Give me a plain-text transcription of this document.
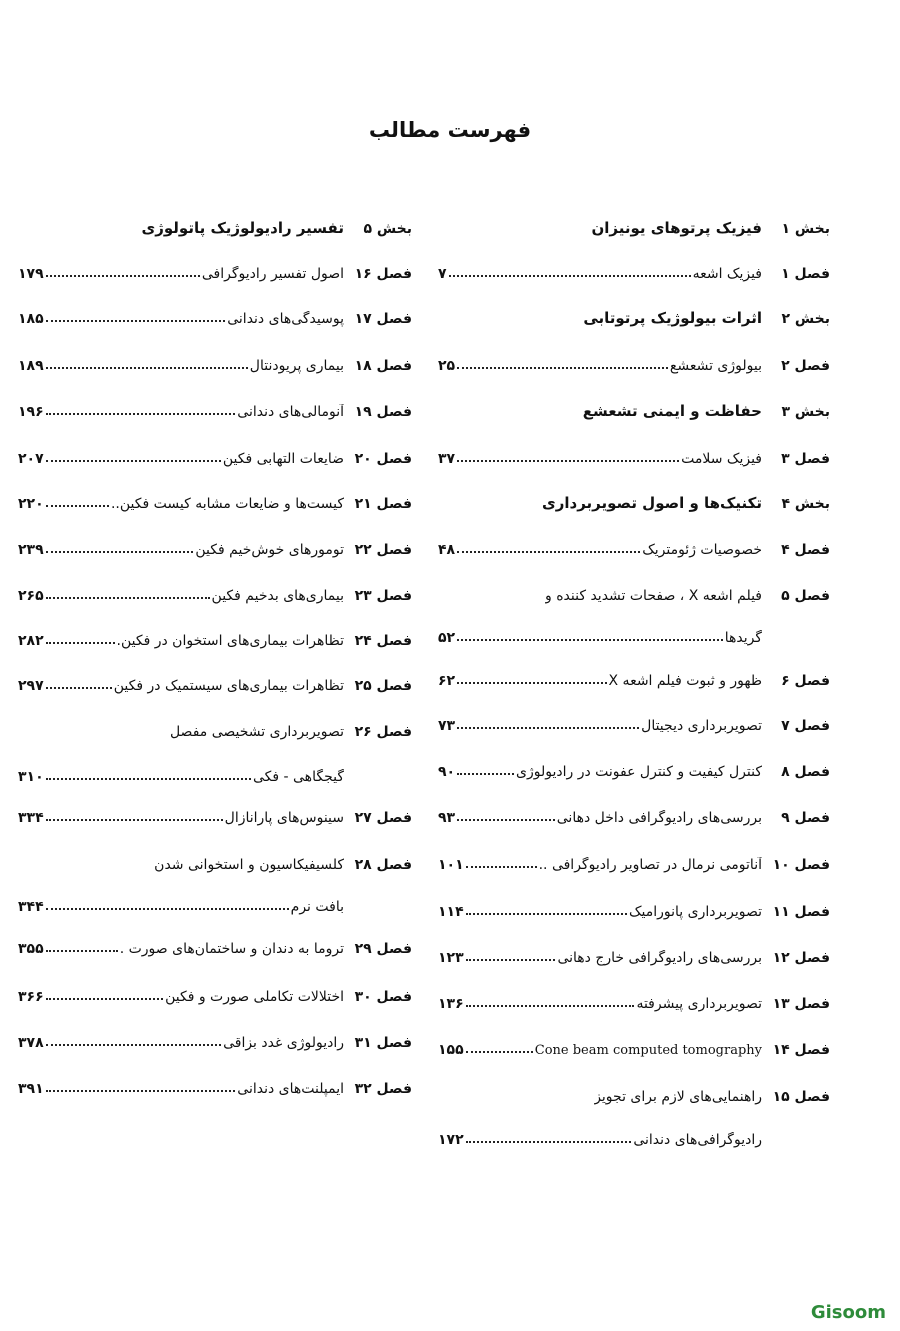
فهرست مطالب
بخش ۱
فیزیک پرتوهای یونیزان
فصل ۱
فیزیک اشعه
۷
بخش ۲
اثرات بیولوژیک پرتوتابی
فصل ۲
بیولوژی تشعشع
۲۵
بخش ۳
حفاظت و ایمنی تشعشع
فصل ۳
فیزیک سلامت
۳۷
بخش ۴
تکنیک‌ها و اصول تصویربرداری
فصل ۴
خصوصیات ژئومتریک
۴۸
فصل ۵
فیلم اشعه X ، صفحات تشدید کننده و
گریدها
۵۲
فصل ۶
ظهور و ثبوت فیلم اشعه X
۶۲
فصل ۷
تصویربرداری دیجیتال
۷۳
فصل ۸
کنترل کیفیت و کنترل عفونت در رادیولوژی
۹۰
فصل ۹
بررسی‌های رادیوگرافی داخل دهانی
۹۳
فصل ۱۰
آناتومی نرمال در تصاویر رادیوگرافی ..
۱۰۱
فصل ۱۱
تصویربرداری پانورامیک
۱۱۴
فصل ۱۲
بررسی‌های رادیوگرافی خارج دهانی
۱۲۳
فصل ۱۳
تصویربرداری پیشرفته
۱۳۶
فصل ۱۴
Cone beam computed tomography
۱۵۵
فصل ۱۵
راهنمایی‌های لازم برای تجویز
رادیوگرافی‌های دندانی
۱۷۲
بخش ۵
تفسیر رادیولوژیک پاتولوژی
فصل ۱۶
اصول تفسیر رادیوگرافی
۱۷۹
فصل ۱۷
پوسیدگی‌های دندانی
۱۸۵
فصل ۱۸
بیماری پریودنتال
۱۸۹
فصل ۱۹
آنومالی‌های دندانی
۱۹۶
فصل ۲۰
ضایعات التهابی فکین
۲۰۷
فصل ۲۱
کیست‌ها و ضایعات مشابه کیست فکین..
۲۲۰
فصل ۲۲
تومورهای خوش‌خیم فکین
۲۳۹
فصل ۲۳
بیماری‌های بدخیم فکین
۲۶۵
فصل ۲۴
تظاهرات بیماری‌های استخوان در فکین.
۲۸۲
فصل ۲۵
تظاهرات بیماری‌های سیستمیک در فکین
۲۹۷
فصل ۲۶
تصویربرداری تشخیصی مفصل
گیجگاهی - فکی
۳۱۰
فصل ۲۷
سینوس‌های پارانازال
۳۳۴
فصل ۲۸
کلسیفیکاسیون و استخوانی شدن
بافت نرم
۳۴۴
فصل ۲۹
تروما به دندان و ساختمان‌های صورت .
۳۵۵
فصل ۳۰
اختلالات تکاملی صورت و فکین
۳۶۶
فصل ۳۱
رادیولوژی غدد بزاقی
۳۷۸
فصل ۳۲
ایمپلنت‌های دندانی
۳۹۱
Gisoom
